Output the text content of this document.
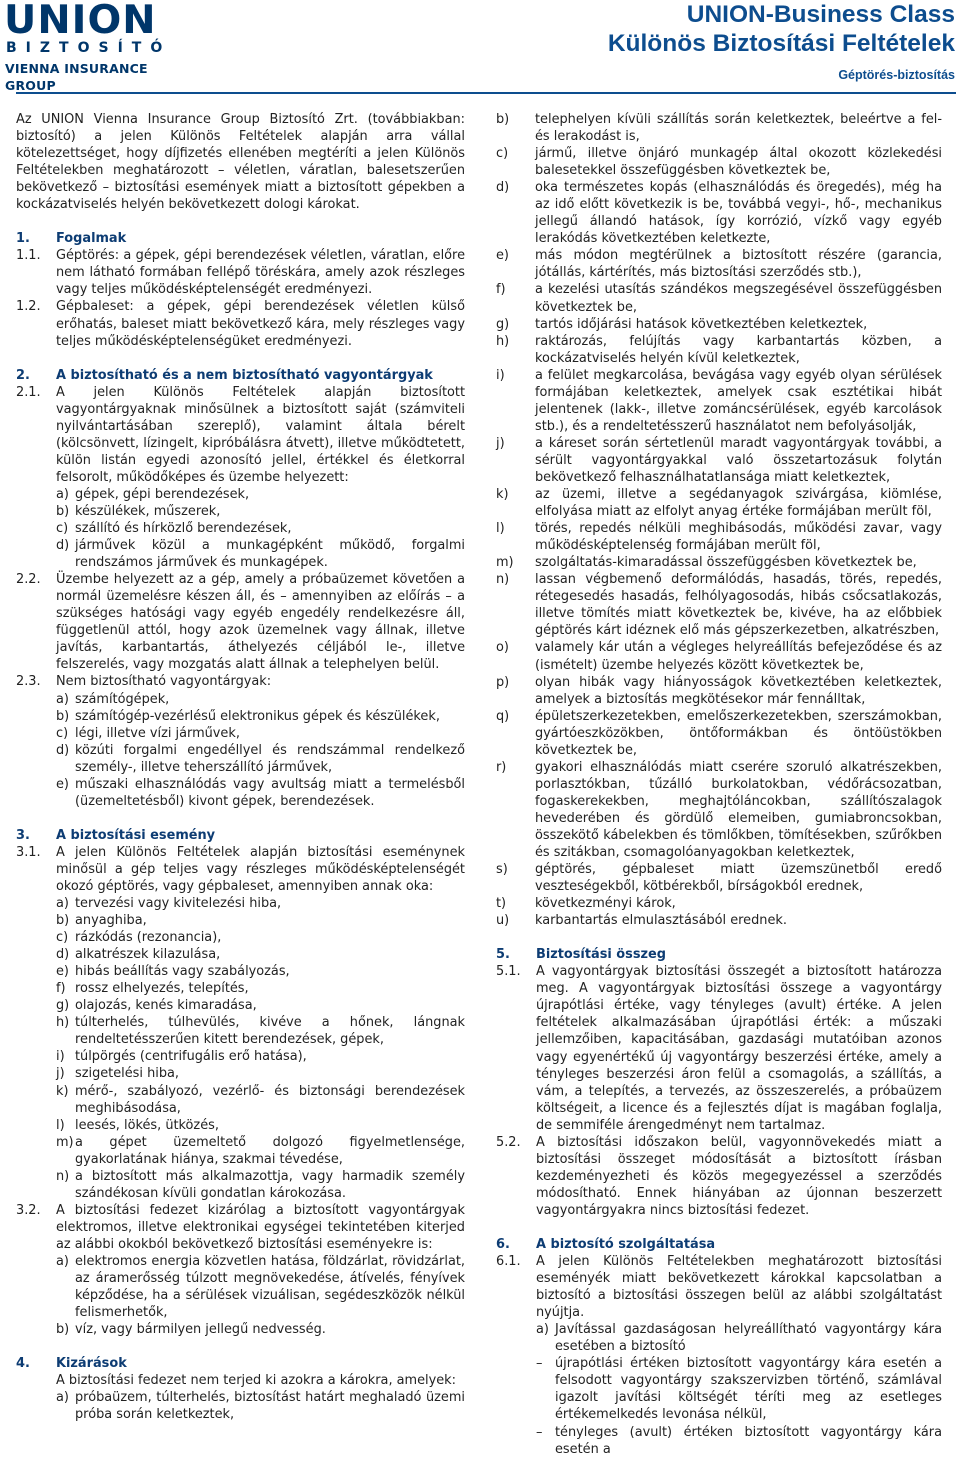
UNION
BIZTOSÍTÓ
VIENNA INSURANCE GROUP
UNION-Business Class
Különös Biztosítási Feltételek
Géptörés-biztosítás

Az UNION Vienna Insurance Group Biztosító Zrt. (továbbiakban: biztosító) a jelen Különös Feltételek alapján arra vállal kötelezettséget, hogy díjfizetés ellenében megtéríti a jelen Különös Feltételekben meghatározott – véletlen, váratlan, balesetszerűen bekövetkező – biztosítási események miatt a biztosított gépekben a kockázatviselés helyén bekövetkezett dologi károkat.

1.	Fogalmak
1.1.	Géptörés: a gépek, gépi berendezések véletlen, váratlan, előre nem látható formában fellépő töréskára, amely azok részleges vagy teljes működésképtelenségét eredményezi.
1.2.	Gépbaleset: a gépek, gépi berendezések véletlen külső erőhatás, baleset miatt bekövetkező kára, mely részleges vagy teljes működésképtelenségüket eredményezi.
2.	A biztosítható és a nem biztosítható vagyontárgyak
2.1.	A jelen Különös Feltételek alapján biztosított vagyontárgyaknak minősülnek a biztosított saját (számviteli nyilvántartásában szereplő), valamint általa bérelt (kölcsönvett, lízingelt, kipróbálásra átvett), illetve működtetett, külön listán egyedi azonosító jellel, értékkel és életkorral felsorolt, működőképes és üzembe helyezett:
a) gépek, gépi berendezések,
b) készülékek, műszerek,
c) szállító és hírközlő berendezések,
d) járművek közül a munkagépként működő, forgalmi rendszámos járművek és munkagépek.
2.2.	Üzembe helyezett az a gép, amely a próbaüzemet követően a normál üzemelésre készen áll, és – amennyiben az előírás – a szükséges hatósági vagy egyéb engedély rendelkezésre áll, függetlenül attól, hogy azok üzemelnek vagy állnak, illetve javítás, karbantartás, áthelyezés céljából le-, illetve felszerelés, vagy mozgatás alatt állnak a telephelyen belül.
2.3.	Nem biztosítható vagyontárgyak:
a) számítógépek,
b) számítógép-vezérlésű elektronikus gépek és készülékek,
c) légi, illetve vízi járművek,
d) közúti forgalmi engedéllyel és rendszámmal rendelkező személy-, illetve teherszállító járművek,
e) műszaki elhasználódás vagy avultság miatt a termelésből (üzemeltetésből) kivont gépek, berendezések.
3.	A biztosítási esemény
3.1.	A jelen Különös Feltételek alapján biztosítási eseménynek minősül a gép teljes vagy részleges működésképtelenségét okozó géptörés, vagy gépbaleset, amennyiben annak oka:
a) tervezési vagy kivitelezési hiba,
b) anyaghiba,
c) rázkódás (rezonancia),
d) alkatrészek kilazulása,
e) hibás beállítás vagy szabályozás,
f) rossz elhelyezés, telepítés,
g) olajozás, kenés kimaradása,
h) túlterhelés, túlhevülés, kivéve a hőnek, lángnak rendeltetésszerűen kitett berendezések, gépek,
i) túlpörgés (centrifugális erő hatása),
j) szigetelési hiba,
k) mérő-, szabályozó, vezérlő- és biztonsági berendezések meghibásodása,
l) leesés, lökés, ütközés,
m) a gépet üzemeltető dolgozó figyelmetlensége, gyakorlatának hiánya, szakmai tévedése,
n) a biztosított más alkalmazottja, vagy harmadik személy szándékosan kívüli gondatlan károkozása.
3.2.	A biztosítási fedezet kizárólag a biztosított vagyontárgyak elektromos, illetve elektronikai egységei tekintetében kiterjed az alábbi okokból bekövetkező biztosítási eseményekre is:
a) elektromos energia közvetlen hatása, földzárlat, rövidzárlat, az áramerősség túlzott megnövekedése, átívelés, fényívek képződése, ha a sérülések vizuálisan, segédeszközök nélkül felismerhetők,
b) víz, vagy bármilyen jellegű nedvesség.
4.	Kizárások
A biztosítási fedezet nem terjed ki azokra a károkra, amelyek:
a) próbaüzem, túlterhelés, biztosítást határt meghaladó üzemi próba során keletkeztek,
b)	telephelyen kívüli szállítás során keletkeztek, beleértve a fel- és lerakodást is,
c)	jármű, illetve önjáró munkagép által okozott közlekedési balesetekkel összefüggésben következtek be,
d)	oka természetes kopás (elhasználódás és öregedés), még ha az idő előtt következik is be, továbbá vegyi-, hő-, mechanikus jellegű állandó hatások, így korrózió, vízkő vagy egyéb lerakódás következtében keletkezte,
e)	más módon megtérülnek a biztosított részére (garancia, jótállás, kártérítés, más biztosítási szerződés stb.),
f)	a kezelési utasítás szándékos megszegésével összefüggésben következtek be,
g)	tartós időjárási hatások következtében keletkeztek,
h)	raktározás, felújítás vagy karbantartás közben, a kockázatviselés helyén kívül keletkeztek,
i)	a felület megkarcolása, bevágása vagy egyéb olyan sérülések formájában keletkeztek, amelyek csak esztétikai hibát jelentenek (lakk-, illetve zománcsérülések, egyéb karcolások stb.), és a rendeltetésszerű használatot nem befolyásolják,
j)	a káreset során sértetlenül maradt vagyontárgyak további, a sérült vagyontárgyakkal való összetartozásuk folytán bekövetkező felhasználhatatlansága miatt keletkeztek,
k)	az üzemi, illetve a segédanyagok szivárgása, kiömlése, elfolyása miatt az elfolyt anyag értéke formájában merült föl,
l)	törés, repedés nélküli meghibásodás, működési zavar, vagy működésképtelenség formájában merült föl,
m)	szolgáltatás-kimaradással összefüggésben következtek be,
n)	lassan végbemenő deformálódás, hasadás, törés, repedés, rétegesedés hasadás, felhólyagosodás, hibás csőcsatlakozás, illetve tömítés miatt következtek be, kivéve, ha az előbbiek géptörés kárt idéznek elő más gépszerkezetben, alkatrészben,
o)	valamely kár után a végleges helyreállítás befejeződése és az (ismételt) üzembe helyezés között következtek be,
p)	olyan hibák vagy hiányosságok következtében keletkeztek, amelyek a biztosítás megkötésekor már fennálltak,
q)	épületszerkezetekben, emelőszerkezetekben, szerszámokban, gyártóeszközökben, öntőformákban és öntöüstökben következtek be,
r)	gyakori elhasználódás miatt cserére szoruló alkatrészekben, porlasztókban, tűzálló burkolatokban, védőrácsozatban, fogaskerekekben, meghajtóláncokban, szállítószalagok hevederében és gördülő elemeiben, gumiabroncsokban, összekötő kábelekben és tömlőkben, tömítésekben, szűrőkben és szitákban, csomagolóanyagokban keletkeztek,
s)	géptörés, gépbaleset miatt üzemszünetből eredő veszteségekből, kötbérekből, bírságokból erednek,
t)	következményi károk,
u)	karbantartás elmulasztásából erednek.
5.	Biztosítási összeg
5.1.	A vagyontárgyak biztosítási összegét a biztosított határozza meg. A vagyontárgyak biztosítási összege a vagyontárgy újrapótlási értéke, vagy tényleges (avult) értéke. A jelen feltételek alkalmazásában újrapótlási érték: a műszaki jellemzőiben, kapacitásában, gazdasági mutatóiban azonos vagy egyenértékű új vagyontárgy beszerzési értéke, amely a tényleges beszerzési áron felül a csomagolás, a szállítás, a vám, a telepítés, a tervezés, az összeszerelés, a próbaüzem költségeit, a licence és a fejlesztés díjat is magában foglalja, de semmiféle árengedményt nem tartalmaz.
5.2.	A biztosítási időszakon belül, vagyonnövekedés miatt a biztosítási összeget módosítását a biztosított írásban kezdeményezheti és közös megegyezéssel a szerződés módosítható. Ennek hiányában az újonnan beszerzett vagyontárgyakra nincs biztosítási fedezet.
6.	A biztosító szolgáltatása
6.1.	A jelen Különös Feltételekben meghatározott biztosítási eseményék miatt bekövetkezett károkkal kapcsolatban a biztosító a biztosítási összegen belül az alábbi szolgáltatást nyújtja.
a) Javítással gazdaságosan helyreállítható vagyontárgy kára esetében a biztosító
– újrapótlási értéken biztosított vagyontárgy kára esetén a felsodott vagyontárgy szakszervizben történő, számlával igazolt javítási költségét téríti meg az esetleges értékemelkedés levonása nélkül,
– tényleges (avult) értéken biztosított vagyontárgy kára esetén a
